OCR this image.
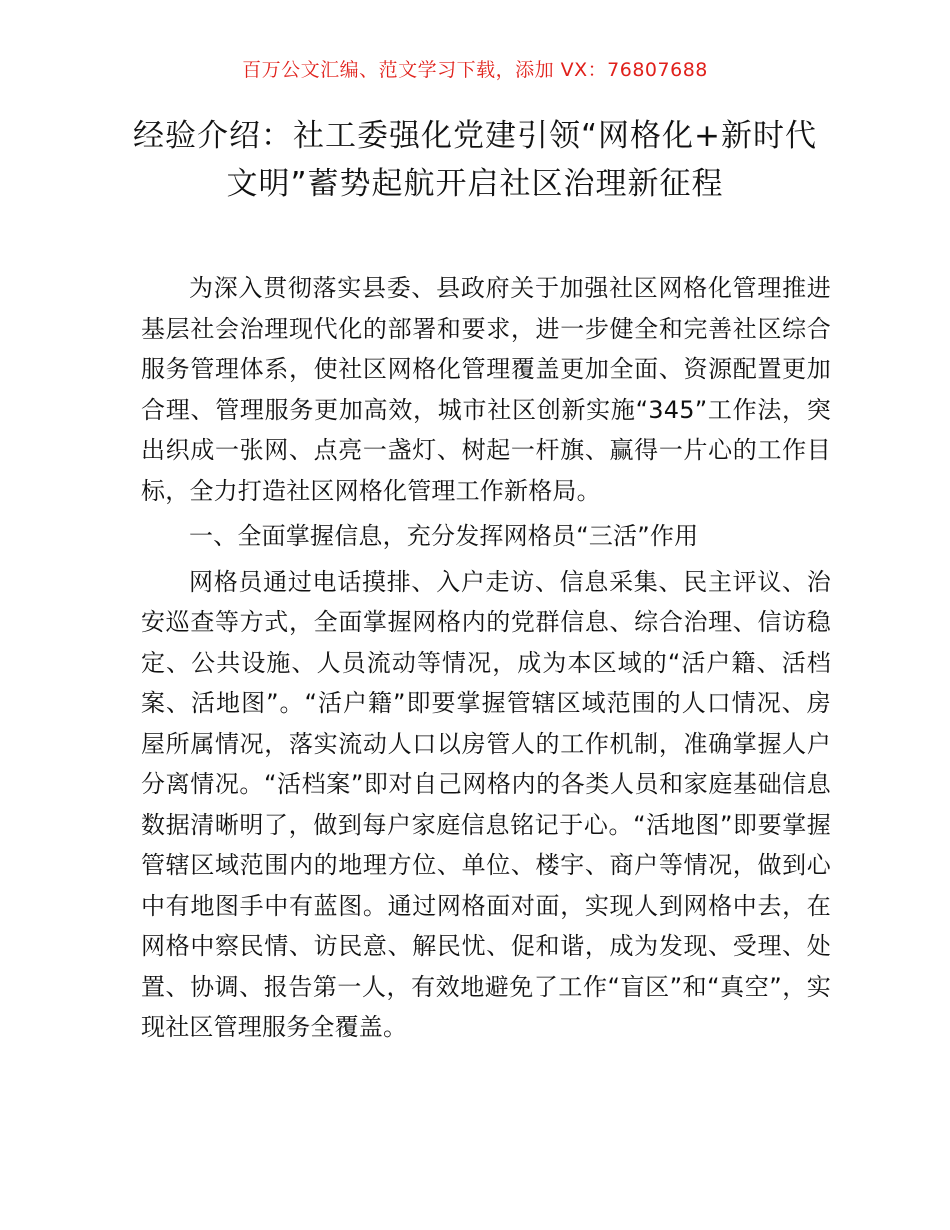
百万公文汇编、范文学习下载，添加 VX：76807688
经验介绍：社工委强化党建引领“网格化+新时代文明”蓄势起航开启社区治理新征程

为深入贯彻落实县委、县政府关于加强社区网格化管理推进基层社会治理现代化的部署和要求，进一步健全和完善社区综合服务管理体系，使社区网格化管理覆盖更加全面、资源配置更加合理、管理服务更加高效，城市社区创新实施“345”工作法，突出织成一张网、点亮一盏灯、树起一杆旗、赢得一片心的工作目标，全力打造社区网格化管理工作新格局。

一、全面掌握信息，充分发挥网格员“三活”作用

网格员通过电话摸排、入户走访、信息采集、民主评议、治安巡查等方式，全面掌握网格内的党群信息、综合治理、信访稳定、公共设施、人员流动等情况，成为本区域的“活户籍、活档案、活地图”。“活户籍”即要掌握管辖区域范围的人口情况、房屋所属情况，落实流动人口以房管人的工作机制，准确掌握人户分离情况。“活档案”即对自己网格内的各类人员和家庭基础信息数据清晰明了，做到每户家庭信息铭记于心。“活地图”即要掌握管辖区域范围内的地理方位、单位、楼宇、商户等情况，做到心中有地图手中有蓝图。通过网格面对面，实现人到网格中去，在网格中察民情、访民意、解民忧、促和谐，成为发现、受理、处置、协调、报告第一人，有效地避免了工作“盲区”和“真空”，实现社区管理服务全覆盖。
